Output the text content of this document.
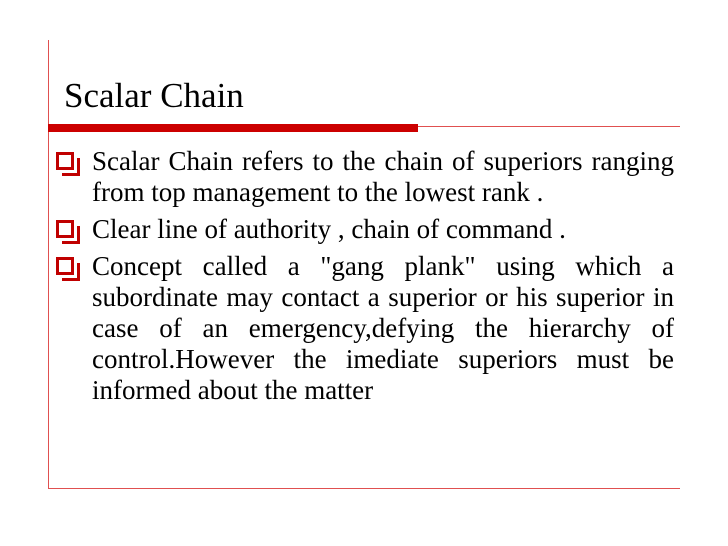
Scalar Chain
Scalar Chain refers to the chain of superiors ranging from top management to the lowest rank .
Clear line of authority , chain of command .
Concept called a "gang plank" using which a subordinate may contact a superior or his superior in case of an emergency,defying the hierarchy of control.However the imediate superiors must be informed about the matter
